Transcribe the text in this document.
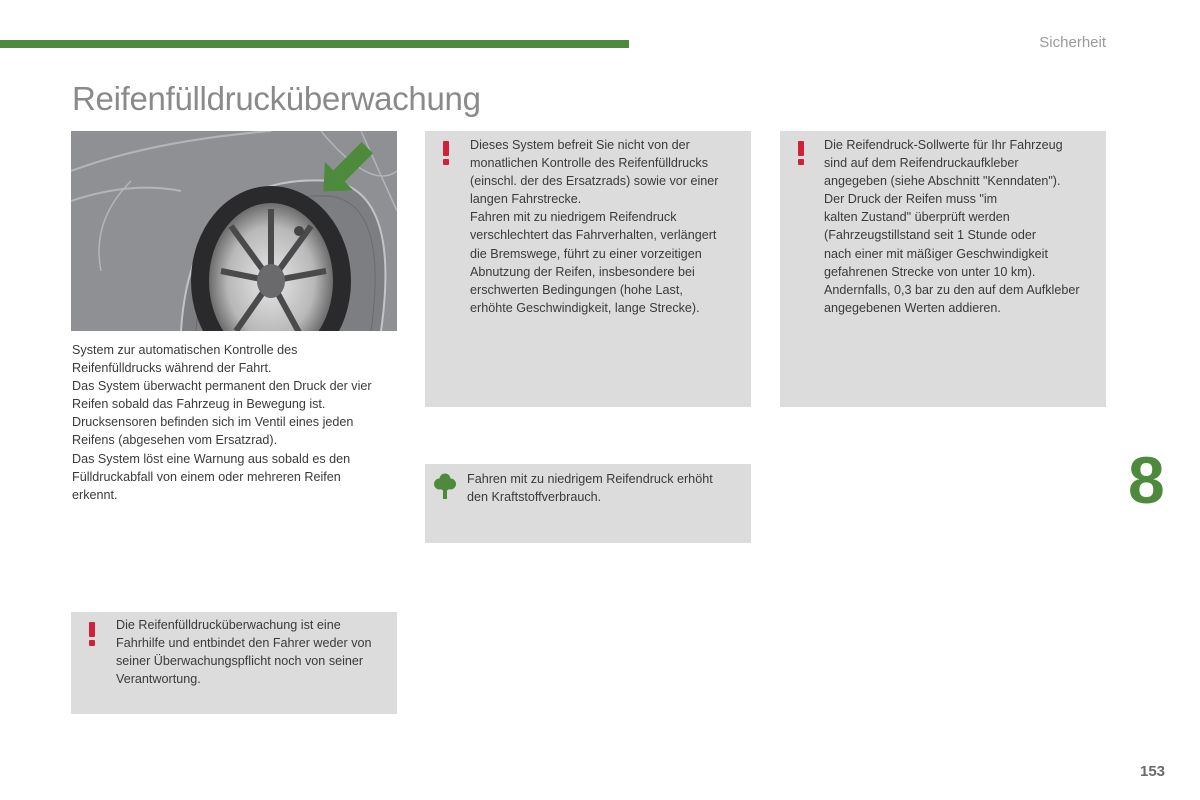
Sicherheit
Reifenfülldrucküberwachung
System zur automatischen Kontrolle des
Reifenfülldrucks während der Fahrt.
Das System überwacht permanent den Druck der vier
Reifen sobald das Fahrzeug in Bewegung ist.
Drucksensoren befinden sich im Ventil eines jeden
Reifens (abgesehen vom Ersatzrad).
Das System löst eine Warnung aus sobald es den
Fülldruckabfall von einem oder mehreren Reifen
erkennt.
Die Reifenfülldrucküberwachung ist eine
Fahrhilfe und entbindet den Fahrer weder von
seiner Überwachungspflicht noch von seiner
Verantwortung.
Dieses System befreit Sie nicht von der
monatlichen Kontrolle des Reifenfülldrucks
(einschl. der des Ersatzrads) sowie vor einer
langen Fahrstrecke.
Fahren mit zu niedrigem Reifendruck
verschlechtert das Fahrverhalten, verlängert
die Bremswege, führt zu einer vorzeitigen
Abnutzung der Reifen, insbesondere bei
erschwerten Bedingungen (hohe Last,
erhöhte Geschwindigkeit, lange Strecke).
Fahren mit zu niedrigem Reifendruck erhöht
den Kraftstoffverbrauch.
Die Reifendruck-Sollwerte für Ihr Fahrzeug
sind auf dem Reifendruckaufkleber
angegeben (siehe Abschnitt "Kenndaten").
Der Druck der Reifen muss "im
kalten Zustand" überprüft werden
(Fahrzeugstillstand seit 1 Stunde oder
nach einer mit mäßiger Geschwindigkeit
gefahrenen Strecke von unter 10 km).
Andernfalls, 0,3 bar zu den auf dem Aufkleber
angegebenen Werten addieren.
8
153
